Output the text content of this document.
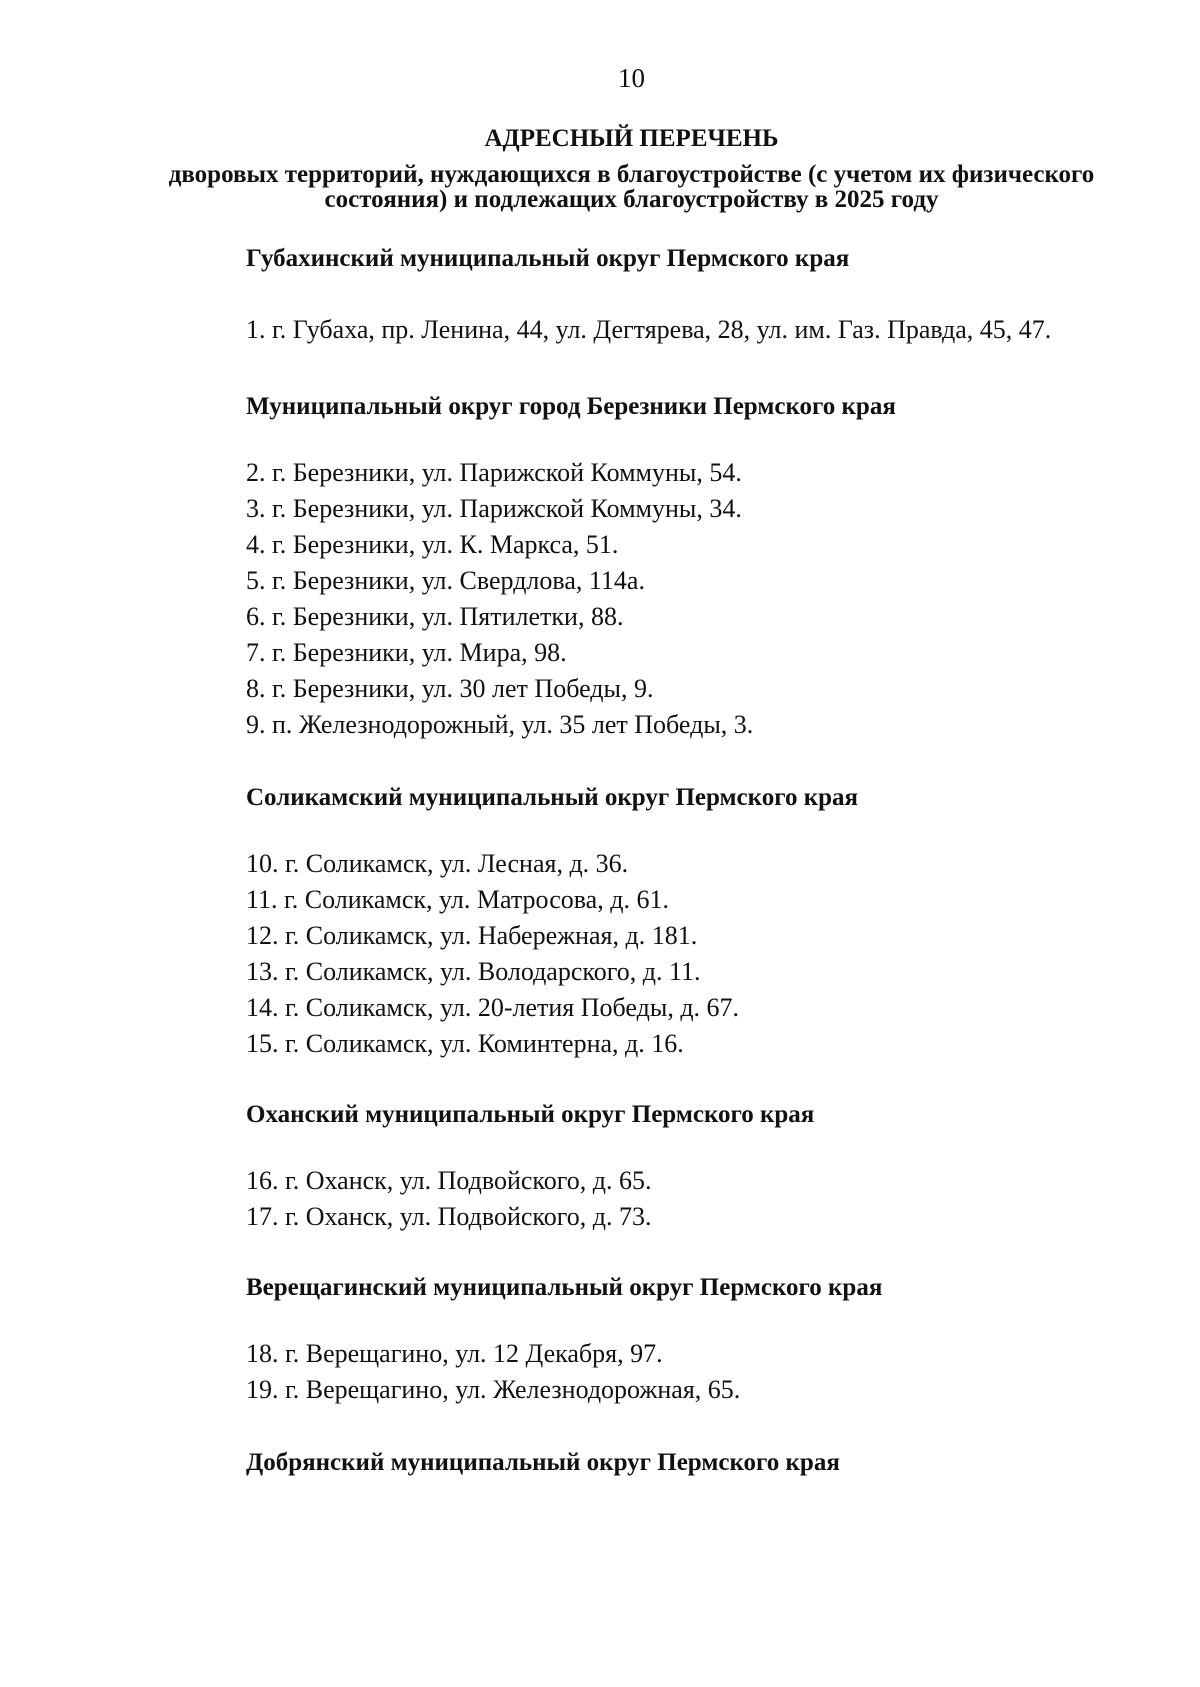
10
АДРЕСНЫЙ ПЕРЕЧЕНЬ
дворовых территорий, нуждающихся в благоустройстве (с учетом их физического состояния) и подлежащих благоустройству в 2025 году
Губахинский муниципальный округ Пермского края

1. г. Губаха, пр. Ленина, 44, ул. Дегтярева, 28, ул. им. Газ. Правда, 45, 47.

Муниципальный округ город Березники Пермского края

2. г. Березники, ул. Парижской Коммуны, 54.

3. г. Березники, ул. Парижской Коммуны, 34.

4. г. Березники, ул. К. Маркса, 51.

5. г. Березники, ул. Свердлова, 114а.

6. г. Березники, ул. Пятилетки, 88.

7. г. Березники, ул. Мира, 98.

8. г. Березники, ул. 30 лет Победы, 9.

9. п. Железнодорожный, ул. 35 лет Победы, 3.

Соликамский муниципальный округ Пермского края

10. г. Соликамск, ул. Лесная, д. 36.

11. г. Соликамск, ул. Матросова, д. 61.

12. г. Соликамск, ул. Набережная, д. 181.

13. г. Соликамск, ул. Володарского, д. 11.

14. г. Соликамск, ул. 20-летия Победы, д. 67.

15. г. Соликамск, ул. Коминтерна, д. 16.

Оханский муниципальный округ Пермского края

16. г. Оханск, ул. Подвойского, д. 65.

17. г. Оханск, ул. Подвойского, д. 73.

Верещагинский муниципальный округ Пермского края

18. г. Верещагино, ул. 12 Декабря, 97.

19. г. Верещагино, ул. Железнодорожная, 65.

Добрянский муниципальный округ Пермского края
